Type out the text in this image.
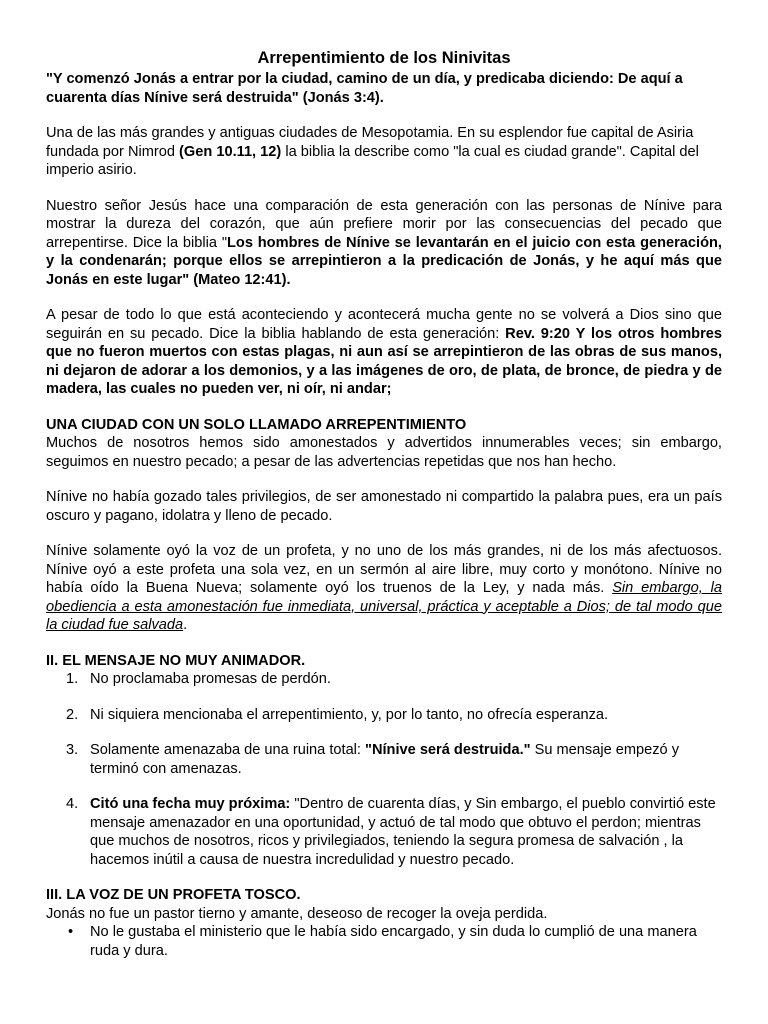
Arrepentimiento de los Ninivitas

"Y comenzó Jonás a entrar por la ciudad, camino de un día, y predicaba diciendo: De aquí a cuarenta días Nínive será destruida" (Jonás 3:4).

Una de las más grandes y antiguas ciudades de Mesopotamia. En su esplendor fue capital de Asiria fundada por Nimrod (Gen 10.11, 12) la biblia la describe como "la cual es ciudad grande". Capital del imperio asirio.

Nuestro señor Jesús hace una comparación de esta generación con las personas de Nínive para mostrar la dureza del corazón, que aún prefiere morir por las consecuencias del pecado que arrepentirse. Dice la biblia "Los hombres de Nínive se levantarán en el juicio con esta generación, y la condenarán; porque ellos se arrepintieron a la predicación de Jonás, y he aquí más que Jonás en este lugar" (Mateo 12:41).

A pesar de todo lo que está aconteciendo y acontecerá mucha gente no se volverá a Dios sino que seguirán en su pecado. Dice la biblia hablando de esta generación: Rev. 9:20 Y los otros hombres que no fueron muertos con estas plagas, ni aun así se arrepintieron de las obras de sus manos, ni dejaron de adorar a los demonios, y a las imágenes de oro, de plata, de bronce, de piedra y de madera, las cuales no pueden ver, ni oír, ni andar;

UNA CIUDAD CON UN SOLO LLAMADO ARREPENTIMIENTO

Muchos de nosotros hemos sido amonestados y advertidos innumerables veces; sin embargo, seguimos en nuestro pecado; a pesar de las advertencias repetidas que nos han hecho.

Nínive no había gozado tales privilegios, de ser amonestado ni compartido la palabra pues, era un país oscuro y pagano, idolatra y lleno de pecado.

Nínive solamente oyó la voz de un profeta, y no uno de los más grandes, ni de los más afectuosos. Nínive oyó a este profeta una sola vez, en un sermón al aire libre, muy corto y monótono. Nínive no había oído la Buena Nueva; solamente oyó los truenos de la Ley, y nada más. Sin embargo, la obediencia a esta amonestación fue inmediata, universal, práctica y aceptable a Dios; de tal modo que la ciudad fue salvada.

II. EL MENSAJE NO MUY ANIMADOR.

1. No proclamaba promesas de perdón.
2. Ni siquiera mencionaba el arrepentimiento, y, por lo tanto, no ofrecía esperanza.
3. Solamente amenazaba de una ruina total: "Nínive será destruida." Su mensaje empezó y terminó con amenazas.
4. Citó una fecha muy próxima: "Dentro de cuarenta días, y Sin embargo, el pueblo convirtió este mensaje amenazador en una oportunidad, y actuó de tal modo que obtuvo el perdon; mientras que muchos de nosotros, ricos y privilegiados, teniendo la segura promesa de salvación , la hacemos inútil a causa de nuestra incredulidad y nuestro pecado.

III. LA VOZ DE UN PROFETA TOSCO.

Jonás no fue un pastor tierno y amante, deseoso de recoger la oveja perdida.

• No le gustaba el ministerio que le había sido encargado, y sin duda lo cumplió de una manera ruda y dura.
